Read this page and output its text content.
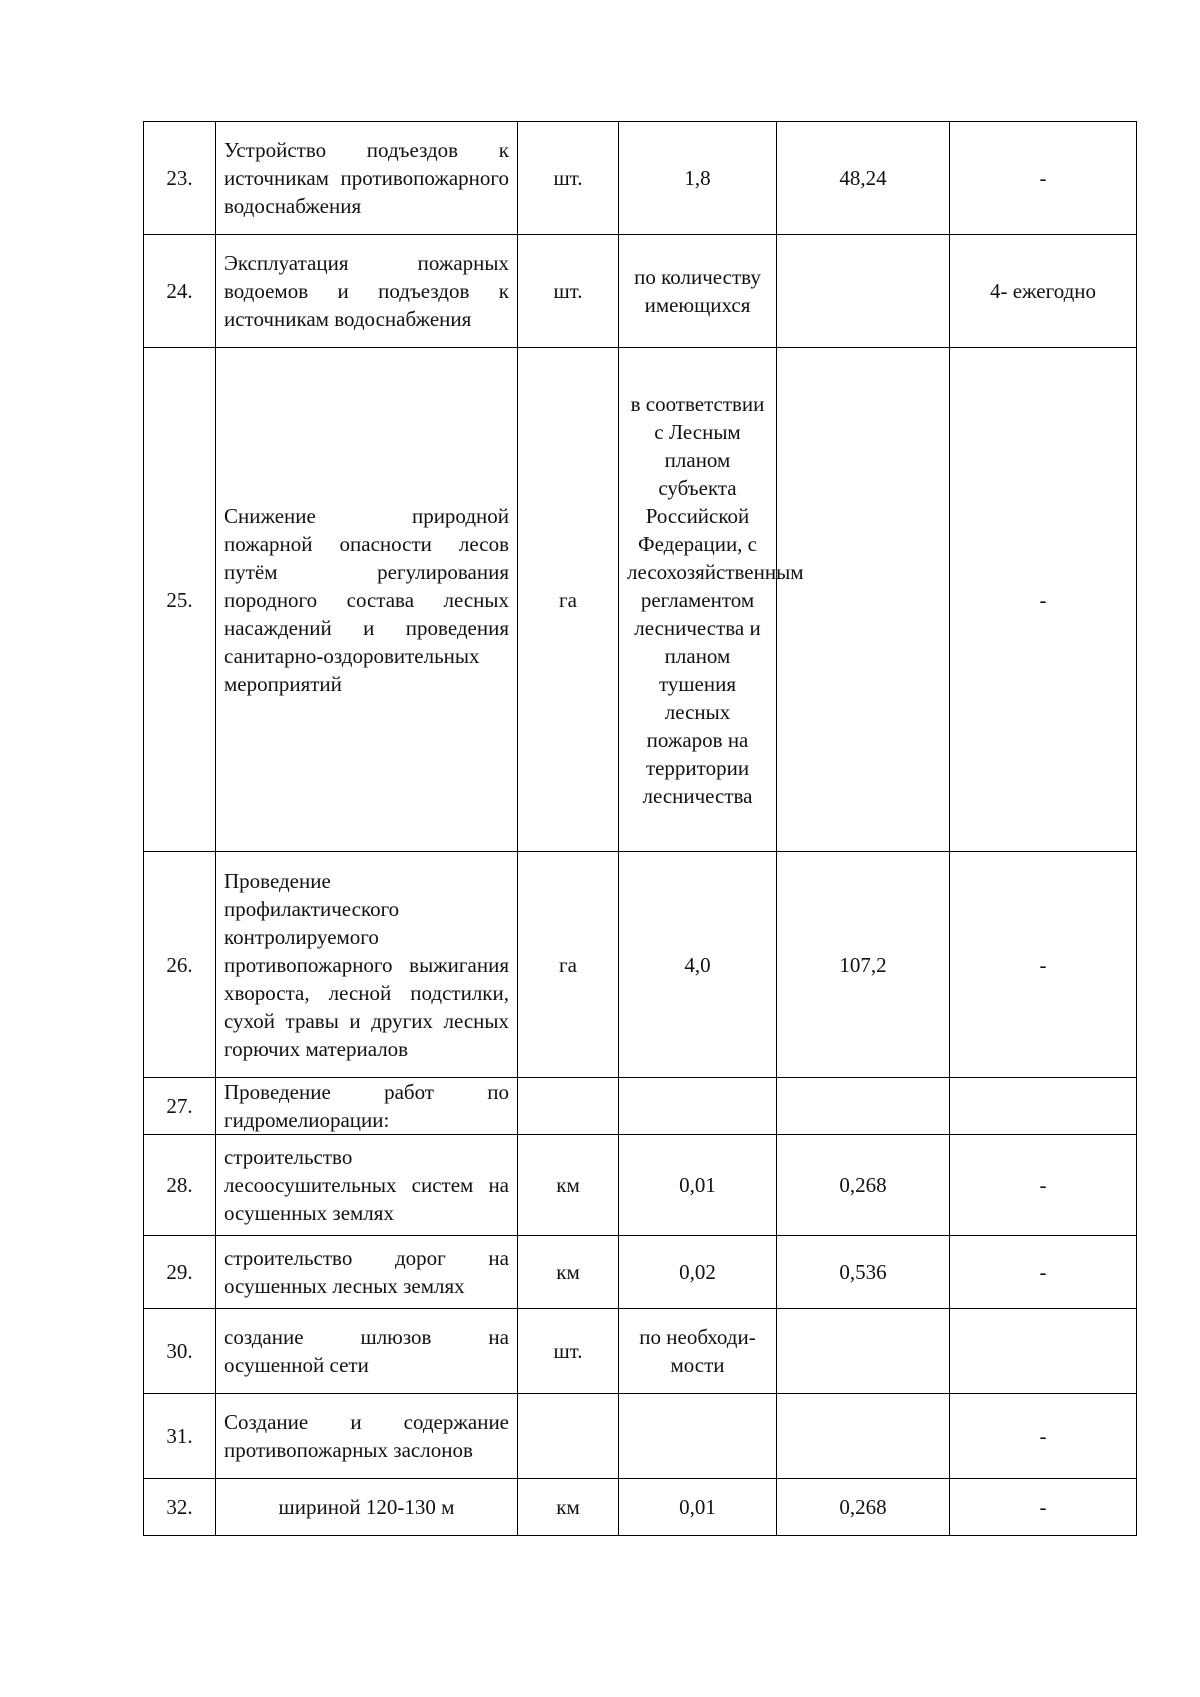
23.	Устройство подъездов к источникам противопожарного водоснабжения	шт.	1,8	48,24	-
24.	Эксплуатация пожарных водоемов и подъездов к источникам водоснабжения	шт.	по количеству имеющихся		4- ежегодно
25.	Снижение природной пожарной опасности лесов путём регулирования породного состава лесных насаждений и проведения санитарно-оздоровительных мероприятий	га	в соответствии с Лесным планом субъекта Российской Федерации, с лесохозяйственным регламентом лесничества и планом тушения лесных пожаров на территории лесничества		-
26.	Проведение профилактического контролируемого противопожарного выжигания хвороста, лесной подстилки, сухой травы и других лесных горючих материалов	га	4,0	107,2	-
27.	Проведение работ по гидромелиорации:				
28.	строительство лесоосушительных систем на осушенных землях	км	0,01	0,268	-
29.	строительство дорог на осушенных лесных землях	км	0,02	0,536	-
30.	создание шлюзов на осушенной сети	шт.	по необходи-мости		
31.	Создание и содержание противопожарных заслонов				-
32.	шириной 120-130 м	км	0,01	0,268	-
